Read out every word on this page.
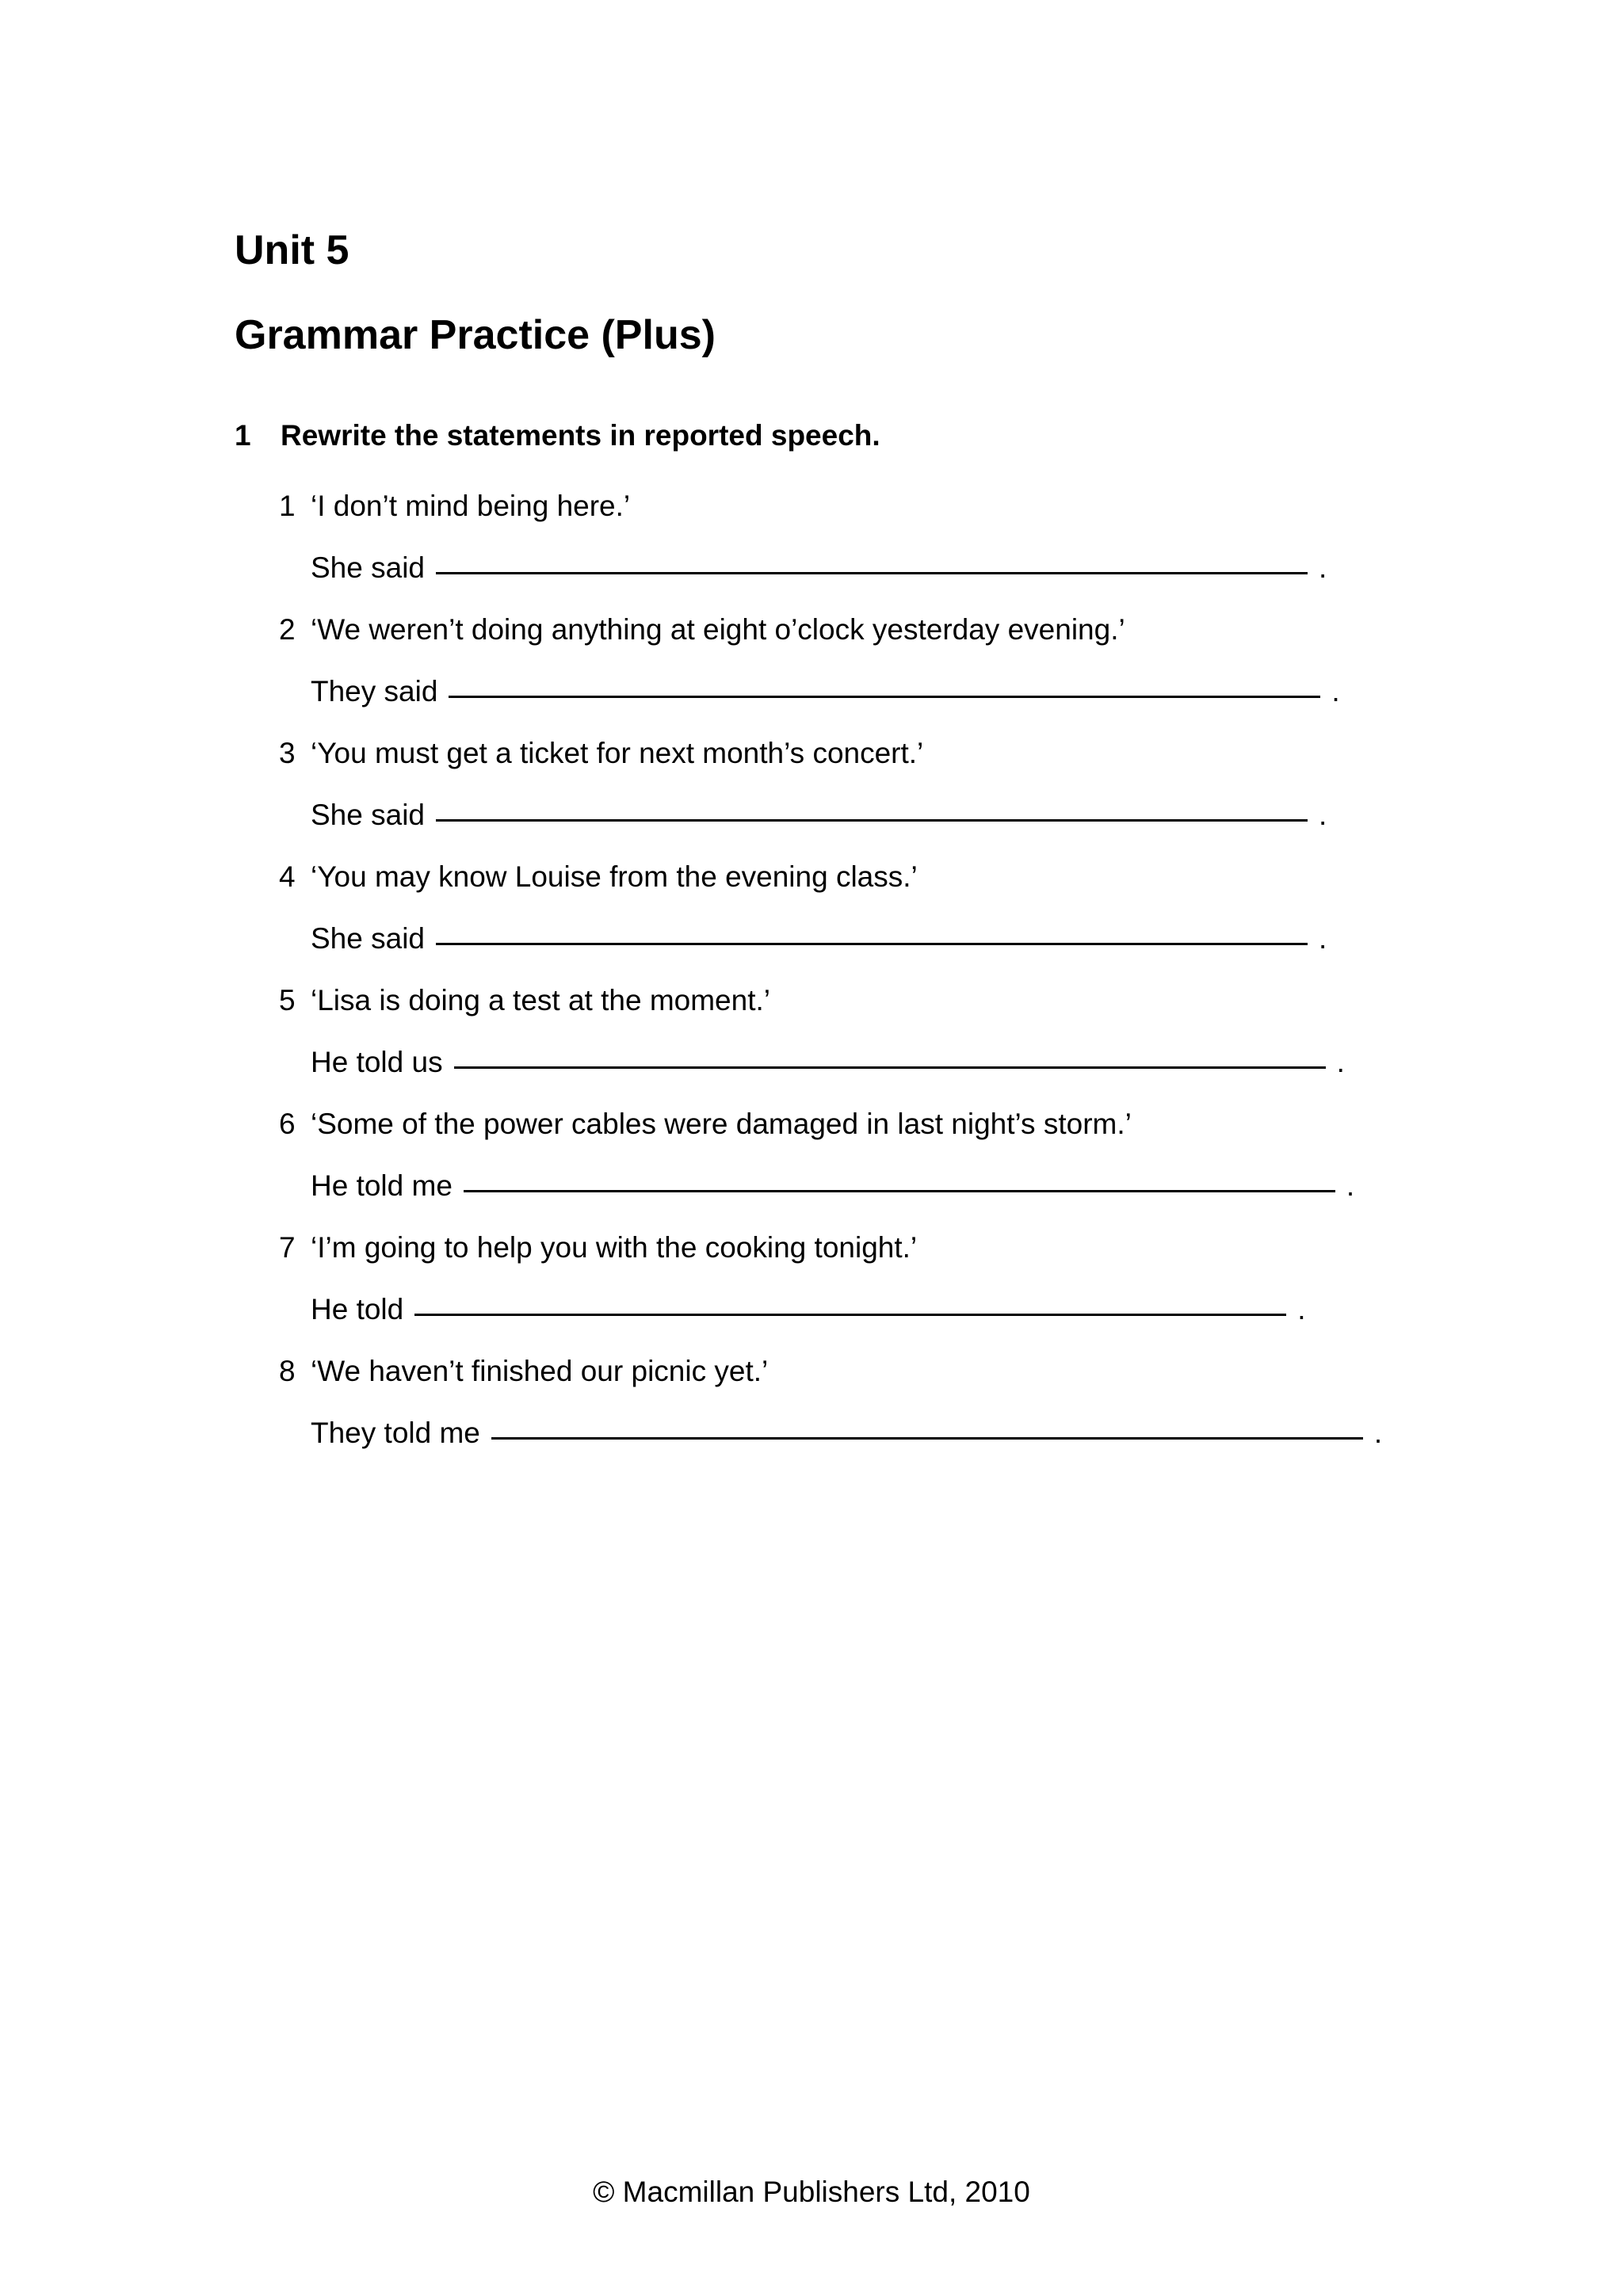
Unit 5
Grammar Practice (Plus)
1 Rewrite the statements in reported speech.
1 ‘I don’t mind being here.’
She said	.
2 ‘We weren’t doing anything at eight o’clock yesterday evening.’
They said	.
3 ‘You must get a ticket for next month’s concert.’
She said	.
4 ‘You may know Louise from the evening class.’
She said	.
5 ‘Lisa is doing a test at the moment.’
He told us	.
6 ‘Some of the power cables were damaged in last night’s storm.’
He told me	.
7 ‘I’m going to help you with the cooking tonight.’
He told	.
8 ‘We haven’t finished our picnic yet.’
They told me	.
© Macmillan Publishers Ltd, 2010
